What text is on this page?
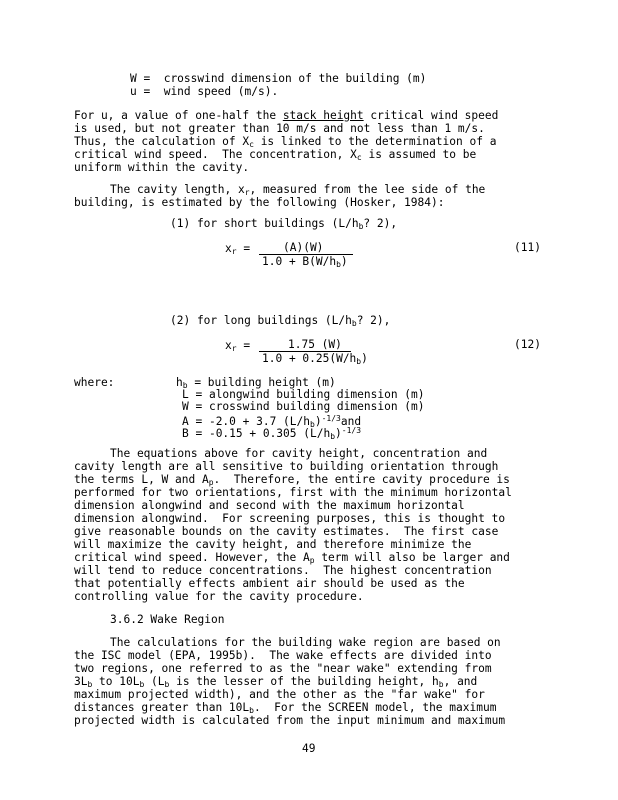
W = crosswind dimension of the building (m)
u = wind speed (m/s).
For u, a value of one-half the stack height critical wind speed
is used, but not greater than 10 m/s and not less than 1 m/s.
Thus, the calculation of $X_c$ is linked to the determination of a
critical wind speed.  The concentration, $X_c$ is assumed to be
uniform within the cavity.
The cavity length, $x_r$, measured from the lee side of the
building, is estimated by the following (Hosker, 1984):
(1) for short buildings ($L/h_b$? 2),
$x_r = (A)(W)$
$1.0 + B(W/h_b)$
(11)
(2) for long buildings ($L/h_b$? 2),
$x_r$ =	1.75 (W)
$1.0 + 0.25(W/h_b)$
(12)
where:	$h_b$ = building height (m)
L = alongwind building dimension (m)
W = crosswind building dimension (m)
A = -2.0 + 3.7 $(L/h_b)^{-1/3}and$
B = -0.15 + 0.305 $(L/h_b)^{-1/3}$
The equations above for cavity height, concentration and
cavity length are all sensitive to building orientation through
the terms L, W and $A_p$.  Therefore, the entire cavity procedure is
performed for two orientations, first with the minimum horizontal
dimension alongwind and second with the maximum horizontal
dimension alongwind.  For screening purposes, this is thought to
give reasonable bounds on the cavity estimates.  The first case
will maximize the cavity height, and therefore minimize the
critical wind speed. However, the $A_p$ term will also be larger and
will tend to reduce concentrations.  The highest concentration
that potentially effects ambient air should be used as the
controlling value for the cavity procedure.
3.6.2 Wake Region
The calculations for the building wake region are based on
the ISC model (EPA, 1995b).  The wake effects are divided into
two regions, one referred to as the "near wake" extending from
$3L_b$ to $10L_b$ ($L_b$ is the lesser of the building height, $h_b$, and
maximum projected width), and the other as the "far wake" for
distances greater than $10L_b$.  For the SCREEN model, the maximum
projected width is calculated from the input minimum and maximum
49
